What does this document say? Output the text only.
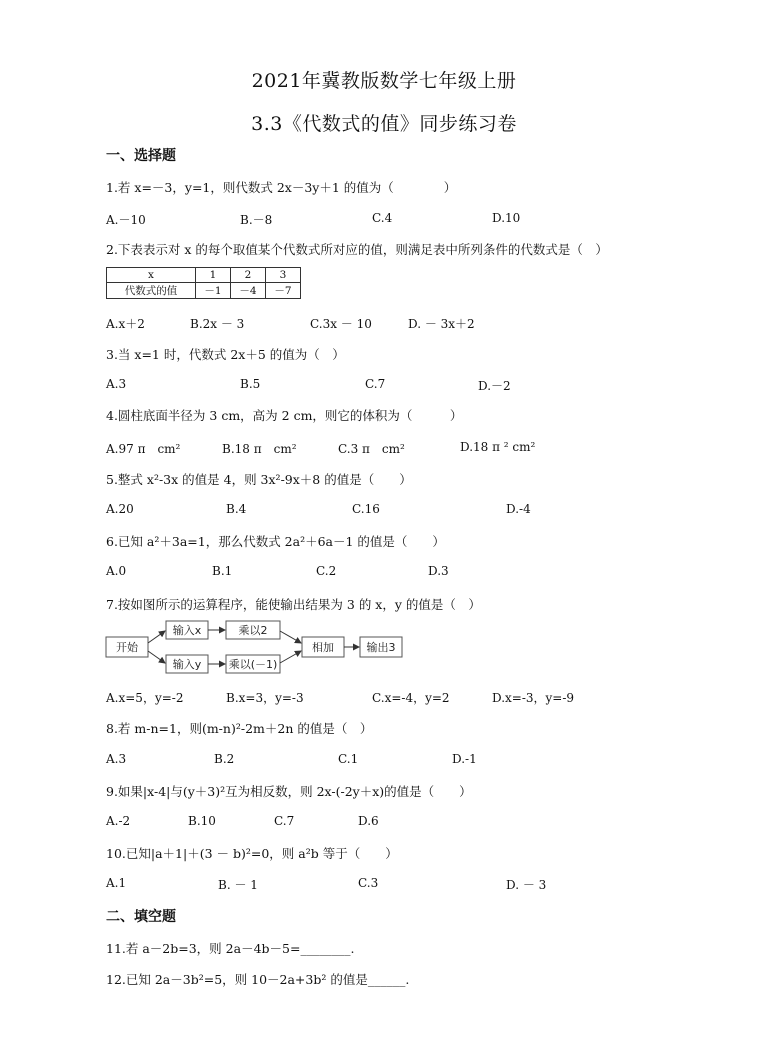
2021年冀教版数学七年级上册
3.3《代数式的值》同步练习卷
一、选择题
1.若 x=－3，y=1，则代数式 2x－3y＋1 的值为（　　　　）
A.－10	B.－8	C.4	D.10
2.下表表示对 x 的每个取值某个代数式所对应的值，则满足表中所列条件的代数式是（　）
x	1	2	3
代数式的值	－1	－4	－7
A.x＋2	B.2x － 3	C.3x － 10	D. － 3x＋2
3.当 x=1 时，代数式 2x＋5 的值为（　）
A.3	B.5	C.7	D.－2
4.圆柱底面半径为 3 cm，高为 2 cm，则它的体积为（　　　）
A.97 π　cm²	B.18 π　cm²	C.3 π　cm²	D.18 π ² cm²
5.整式 x²-3x 的值是 4，则 3x²-9x＋8 的值是（　　）
A.20	B.4	C.16	D.-4
6.已知 a²＋3a=1，那么代数式 2a²＋6a－1 的值是（　　）
A.0	B.1	C.2	D.3
7.按如图所示的运算程序，能使输出结果为 3 的 x，y 的值是（　）
开始
输入x
输入y
乘以2
乘以(－1)
相加	输出3
A.x=5，y=-2	B.x=3，y=-3	C.x=-4，y=2	D.x=-3，y=-9
8.若 m-n=1，则(m-n)²-2m＋2n 的值是（　）
A.3	B.2	C.1	D.-1
9.如果|x-4|与(y＋3)²互为相反数，则 2x-(-2y＋x)的值是（　　）
A.-2	B.10	C.7	D.6
10.已知|a＋1|＋(3 － b)²=0，则 a²b 等于（　　）
A.1	B. － 1	C.3	D. － 3
二、填空题
11.若 a－2b=3，则 2a－4b－5=________.
12.已知 2a－3b²=5，则 10－2a+3b² 的值是______.
